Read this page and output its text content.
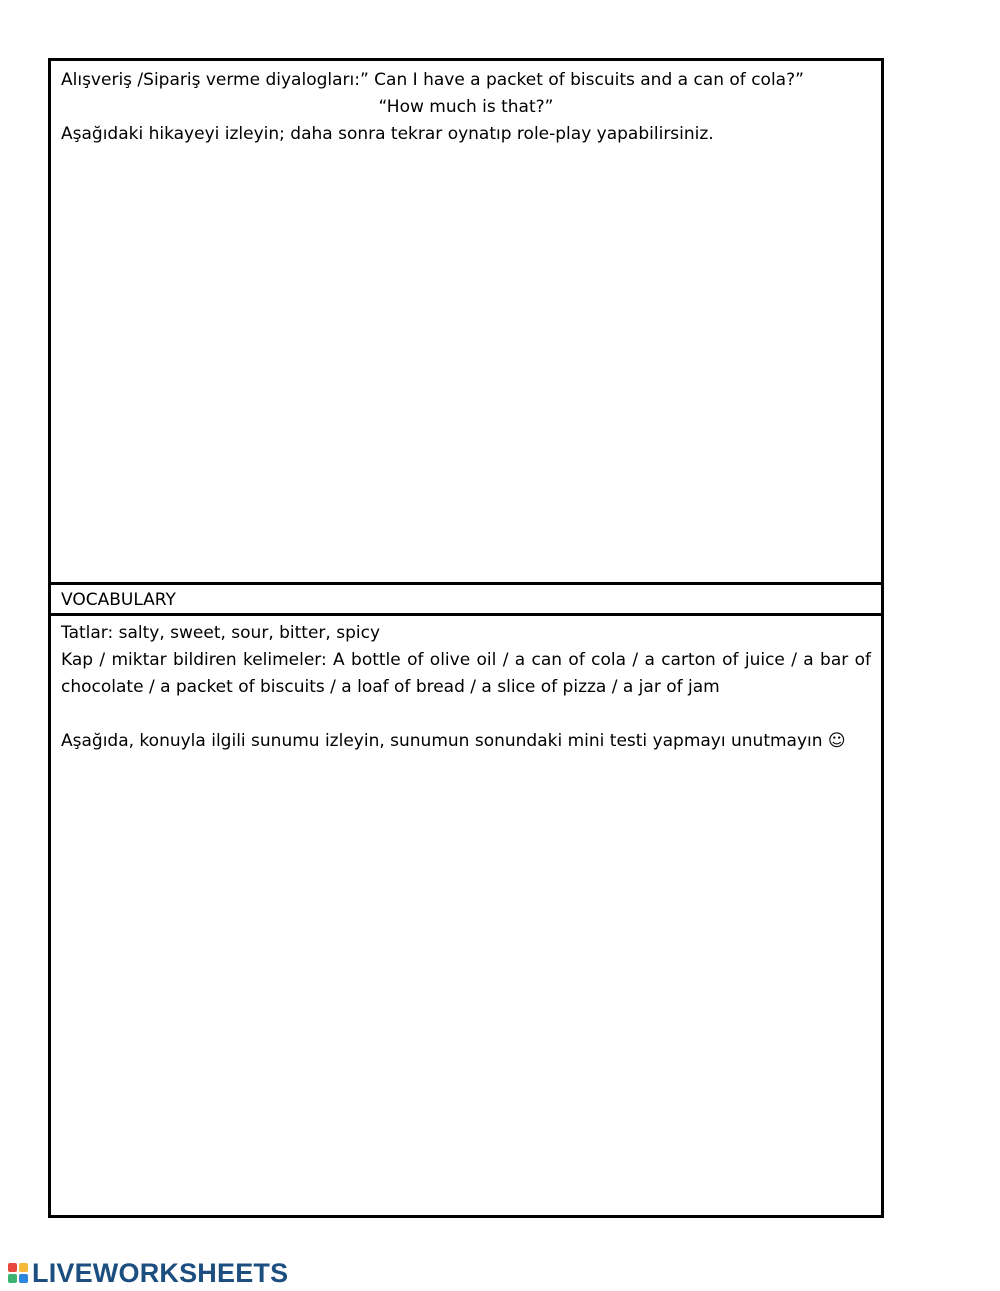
Alışveriş /Sipariş verme diyalogları:” Can I have a packet of biscuits and a can of cola?”
“How much is that?”
Aşağıdaki hikayeyi izleyin; daha sonra tekrar oynatıp role-play yapabilirsiniz.
VOCABULARY
Tatlar: salty, sweet, sour, bitter, spicy
Kap / miktar bildiren kelimeler: A bottle of olive oil / a can of cola / a carton of juice / a bar of chocolate / a packet of biscuits / a loaf of bread / a slice of pizza / a jar of jam
Aşağıda, konuyla ilgili sunumu izleyin, sunumun sonundaki mini testi yapmayı unutmayın ☺
LIVEWORKSHEETS
